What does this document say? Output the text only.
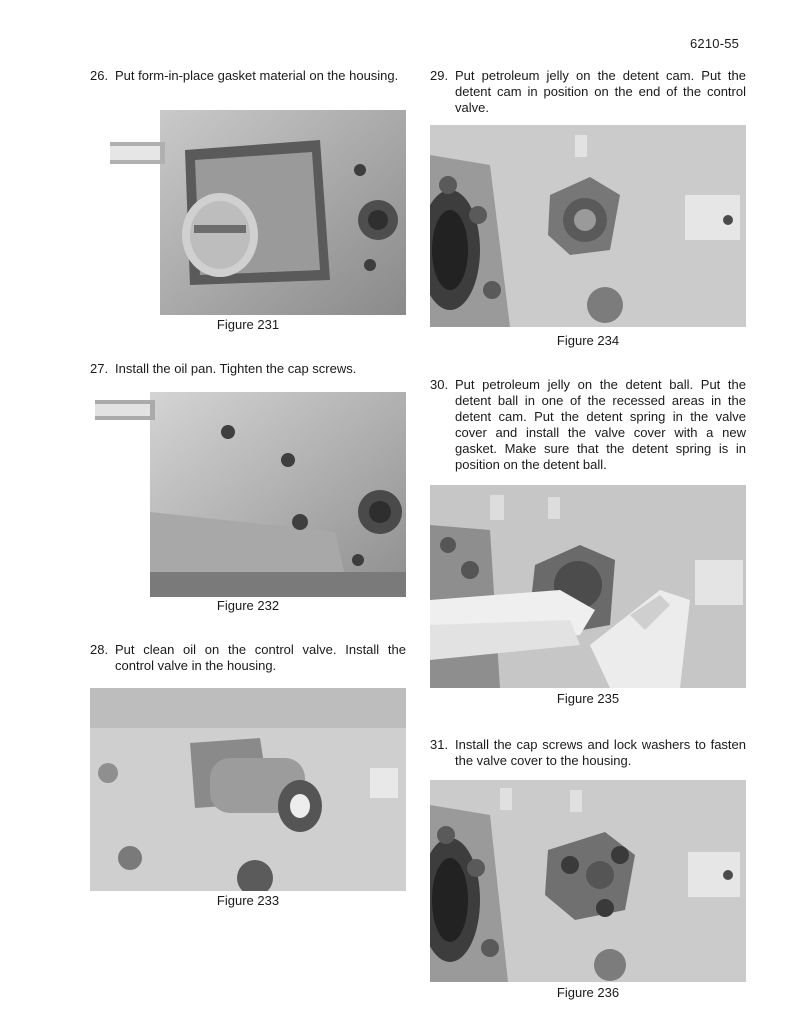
6210-55
26. Put form-in-place gasket material on the housing.
Figure 231
27. Install the oil pan. Tighten the cap screws.
Figure 232
28. Put clean oil on the control valve. Install the control valve in the housing.
Figure 233
29. Put petroleum jelly on the detent cam. Put the detent cam in position on the end of the control valve.
Figure 234
30. Put petroleum jelly on the detent ball. Put the detent ball in one of the recessed areas in the detent cam. Put the detent spring in the valve cover and install the valve cover with a new gasket. Make sure that the detent spring is in position on the detent ball.
Figure 235
31. Install the cap screws and lock washers to fasten the valve cover to the housing.
Figure 236
